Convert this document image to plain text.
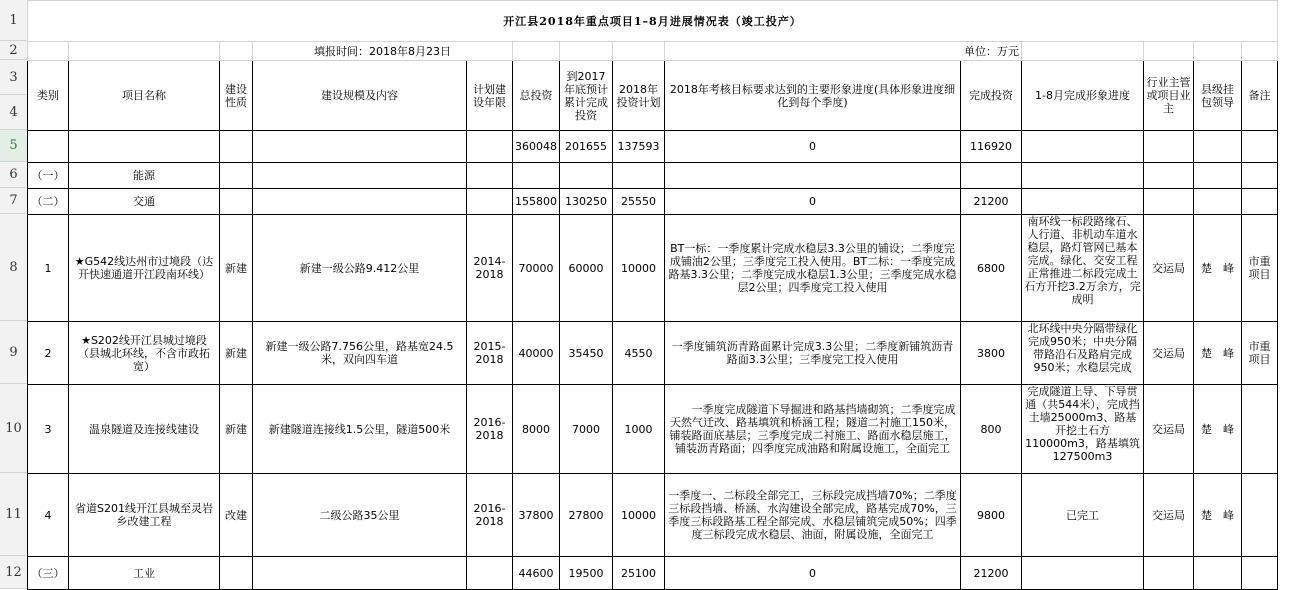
1
2
3
4
5
6
7
8
9
10
11
12
开江县2018年重点项目1–8月进展情况表（竣工投产）													
			填报时间：2018年8月23日					单位：万元					
类别	项目名称	建设性质	建设规模及内容	计划建设年限	总投资	到2017年底预计累计完成投资	2018年投资计划	2018年考核目标要求达到的主要形象进度(具体形象进度细化到每个季度)	完成投资	1-8月完成形象进度	行业主管或项目业主	县级挂包领导	备注

					360048	201655	137593	0	116920				
（一）	能源												
（二）	交通				155800	130250	25550	0	21200				
1	★G542线达州市过境段（达开快速通道开江段南环线）	新建	新建一级公路9.412公里	2014-2018	70000	60000	10000	BT一标：一季度累计完成水稳层3.3公里的铺设；二季度完成铺油2公里；三季度完工投入使用。BT二标：一季度完成路基3.3公里；二季度完成水稳层1.3公里；三季度完成水稳层2公里；四季度完工投入使用	6800	南环线一标段路缘石、人行道、非机动车道水稳层，路灯管网已基本完成。绿化、交安工程正常推进二标段完成土石方开挖3.2万余方，完成明	交运局	楚　峰	市重项目
2	★S202线开江县城过境段（县城北环线，不含市政拓宽）	新建	新建一级公路7.756公里，路基宽24.5米，双向四车道	2015-2018	40000	35450	4550	一季度铺筑沥青路面累计完成3.3公里；二季度新铺筑沥青路面3.3公里；三季度完工投入使用	3800	北环线中央分隔带绿化完成950米；中央分隔带路沿石及路肩完成950米；水稳层完成	交运局	楚　峰	市重项目
3	温泉隧道及连接线建设	新建	新建隧道连接线1.5公里，隧道500米	2016-2018	8000	7000	1000	　　一季度完成隧道下导掘进和路基挡墙砌筑；二季度完成天然气迁改、路基填筑和桥涵工程；隧道二衬施工150米，铺装路面底基层；三季度完成二衬施工、路面水稳层施工，铺装沥青路面；四季度完成油路和附属设施工，全面完工	800	完成隧道上导、下导贯通（共544米），完成挡土墙25000m3、路基开挖土石方110000m3，路基填筑127500m3	交运局	楚　峰	
4	省道S201线开江县城至灵岩乡改建工程	改建	二级公路35公里	2016-2018	37800	27800	10000	一季度一、二标段全部完工，三标段完成挡墙70%；二季度三标段挡墙、桥涵、水沟建设全部完成，路基完成70%，三季度三标段路基工程全部完成、水稳层铺筑完成50%；四季度三标段完成水稳层、油面，附属设施，全面完工	9800	已完工	交运局	楚　峰	
（三）	工业				44600	19500	25100	0	21200				
